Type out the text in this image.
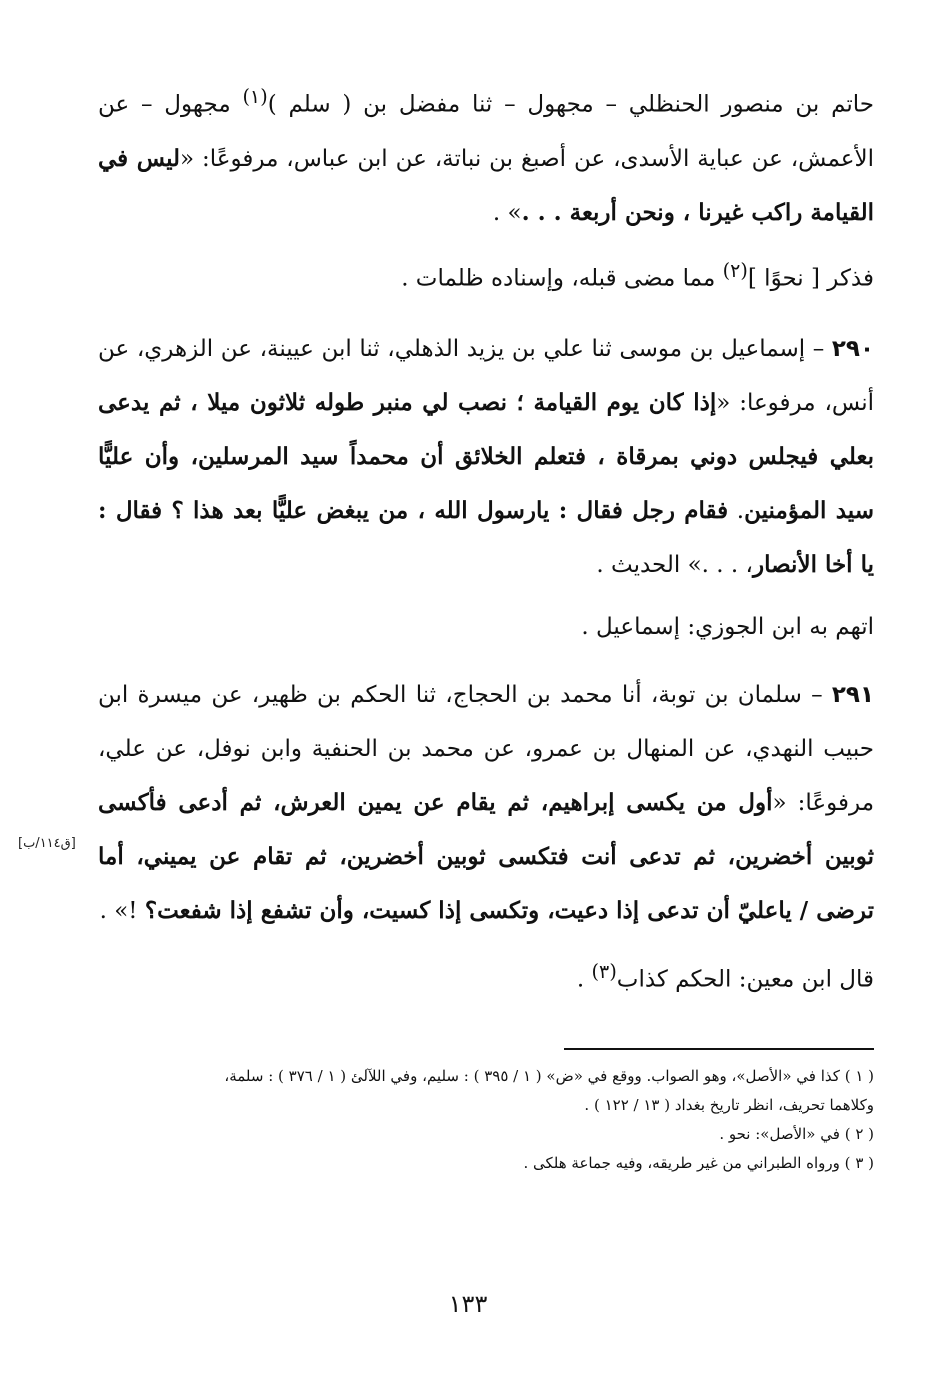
حاتم بن منصور الحنظلي – مجهول – ثنا مفضل بن ( سلم )$^{(١)}$ مجهول – عن الأعمش، عن عباية الأسدى، عن أصبغ بن نباتة، عن ابن عباس، مرفوعًا: «ليس في القيامة راكب غيرنا ، ونحن أربعة . . .» .

فذكر [ نحوًا ]$^{(٢)}$ مما مضى قبله، وإسناده ظلمات .

٢٩٠ – إسماعيل بن موسى ثنا علي بن يزيد الذهلي، ثنا ابن عيينة، عن الزهري، عن أنس، مرفوعا: «إذا كان يوم القيامة ؛ نصب لي منبر طوله ثلاثون ميلا ، ثم يدعى بعلي فيجلس دوني بمرقاة ، فتعلم الخلائق أن محمداً سيد المرسلين، وأن عليًّا سيد المؤمنين. فقام رجل فقال : يارسول الله ، من يبغض عليًّا بعد هذا ؟ فقال : يا أخا الأنصار، . . .» الحديث .

اتهم به ابن الجوزي: إسماعيل .

٢٩١ – سلمان بن توبة، أنا محمد بن الحجاج، ثنا الحكم بن ظهير، عن ميسرة ابن حبيب النهدي، عن المنهال بن عمرو، عن محمد بن الحنفية وابن نوفل، عن علي، مرفوعًا: «أول من يكسى إبراهيم، ثم يقام عن يمين العرش، ثم أدعى فأكسى ثوبين أخضرين، ثم تدعى أنت فتكسى ثوبين أخضرين، ثم تقام عن يميني، أما ترضى / ياعليّ أن تدعى إذا دعيت، وتكسى إذا كسيت، وأن تشفع إذا شفعت؟ !» .

[ق١١٤/ب]

قال ابن معين: الحكم كذاب$^{(٣)}$ .

( ١ ) كذا في «الأصل»، وهو الصواب. ووقع في «ض» ( ١ / ٣٩٥ ) : سليم، وفي اللآلئ ( ١ / ٣٧٦ ) : سلمة،
وكلاهما تحريف، انظر تاريخ بغداد ( ١٣ / ١٢٢ ) .
( ٢ ) في «الأصل»: نحو .
( ٣ ) ورواه الطبراني من غير طريقه، وفيه جماعة هلكى .
١٣٣
